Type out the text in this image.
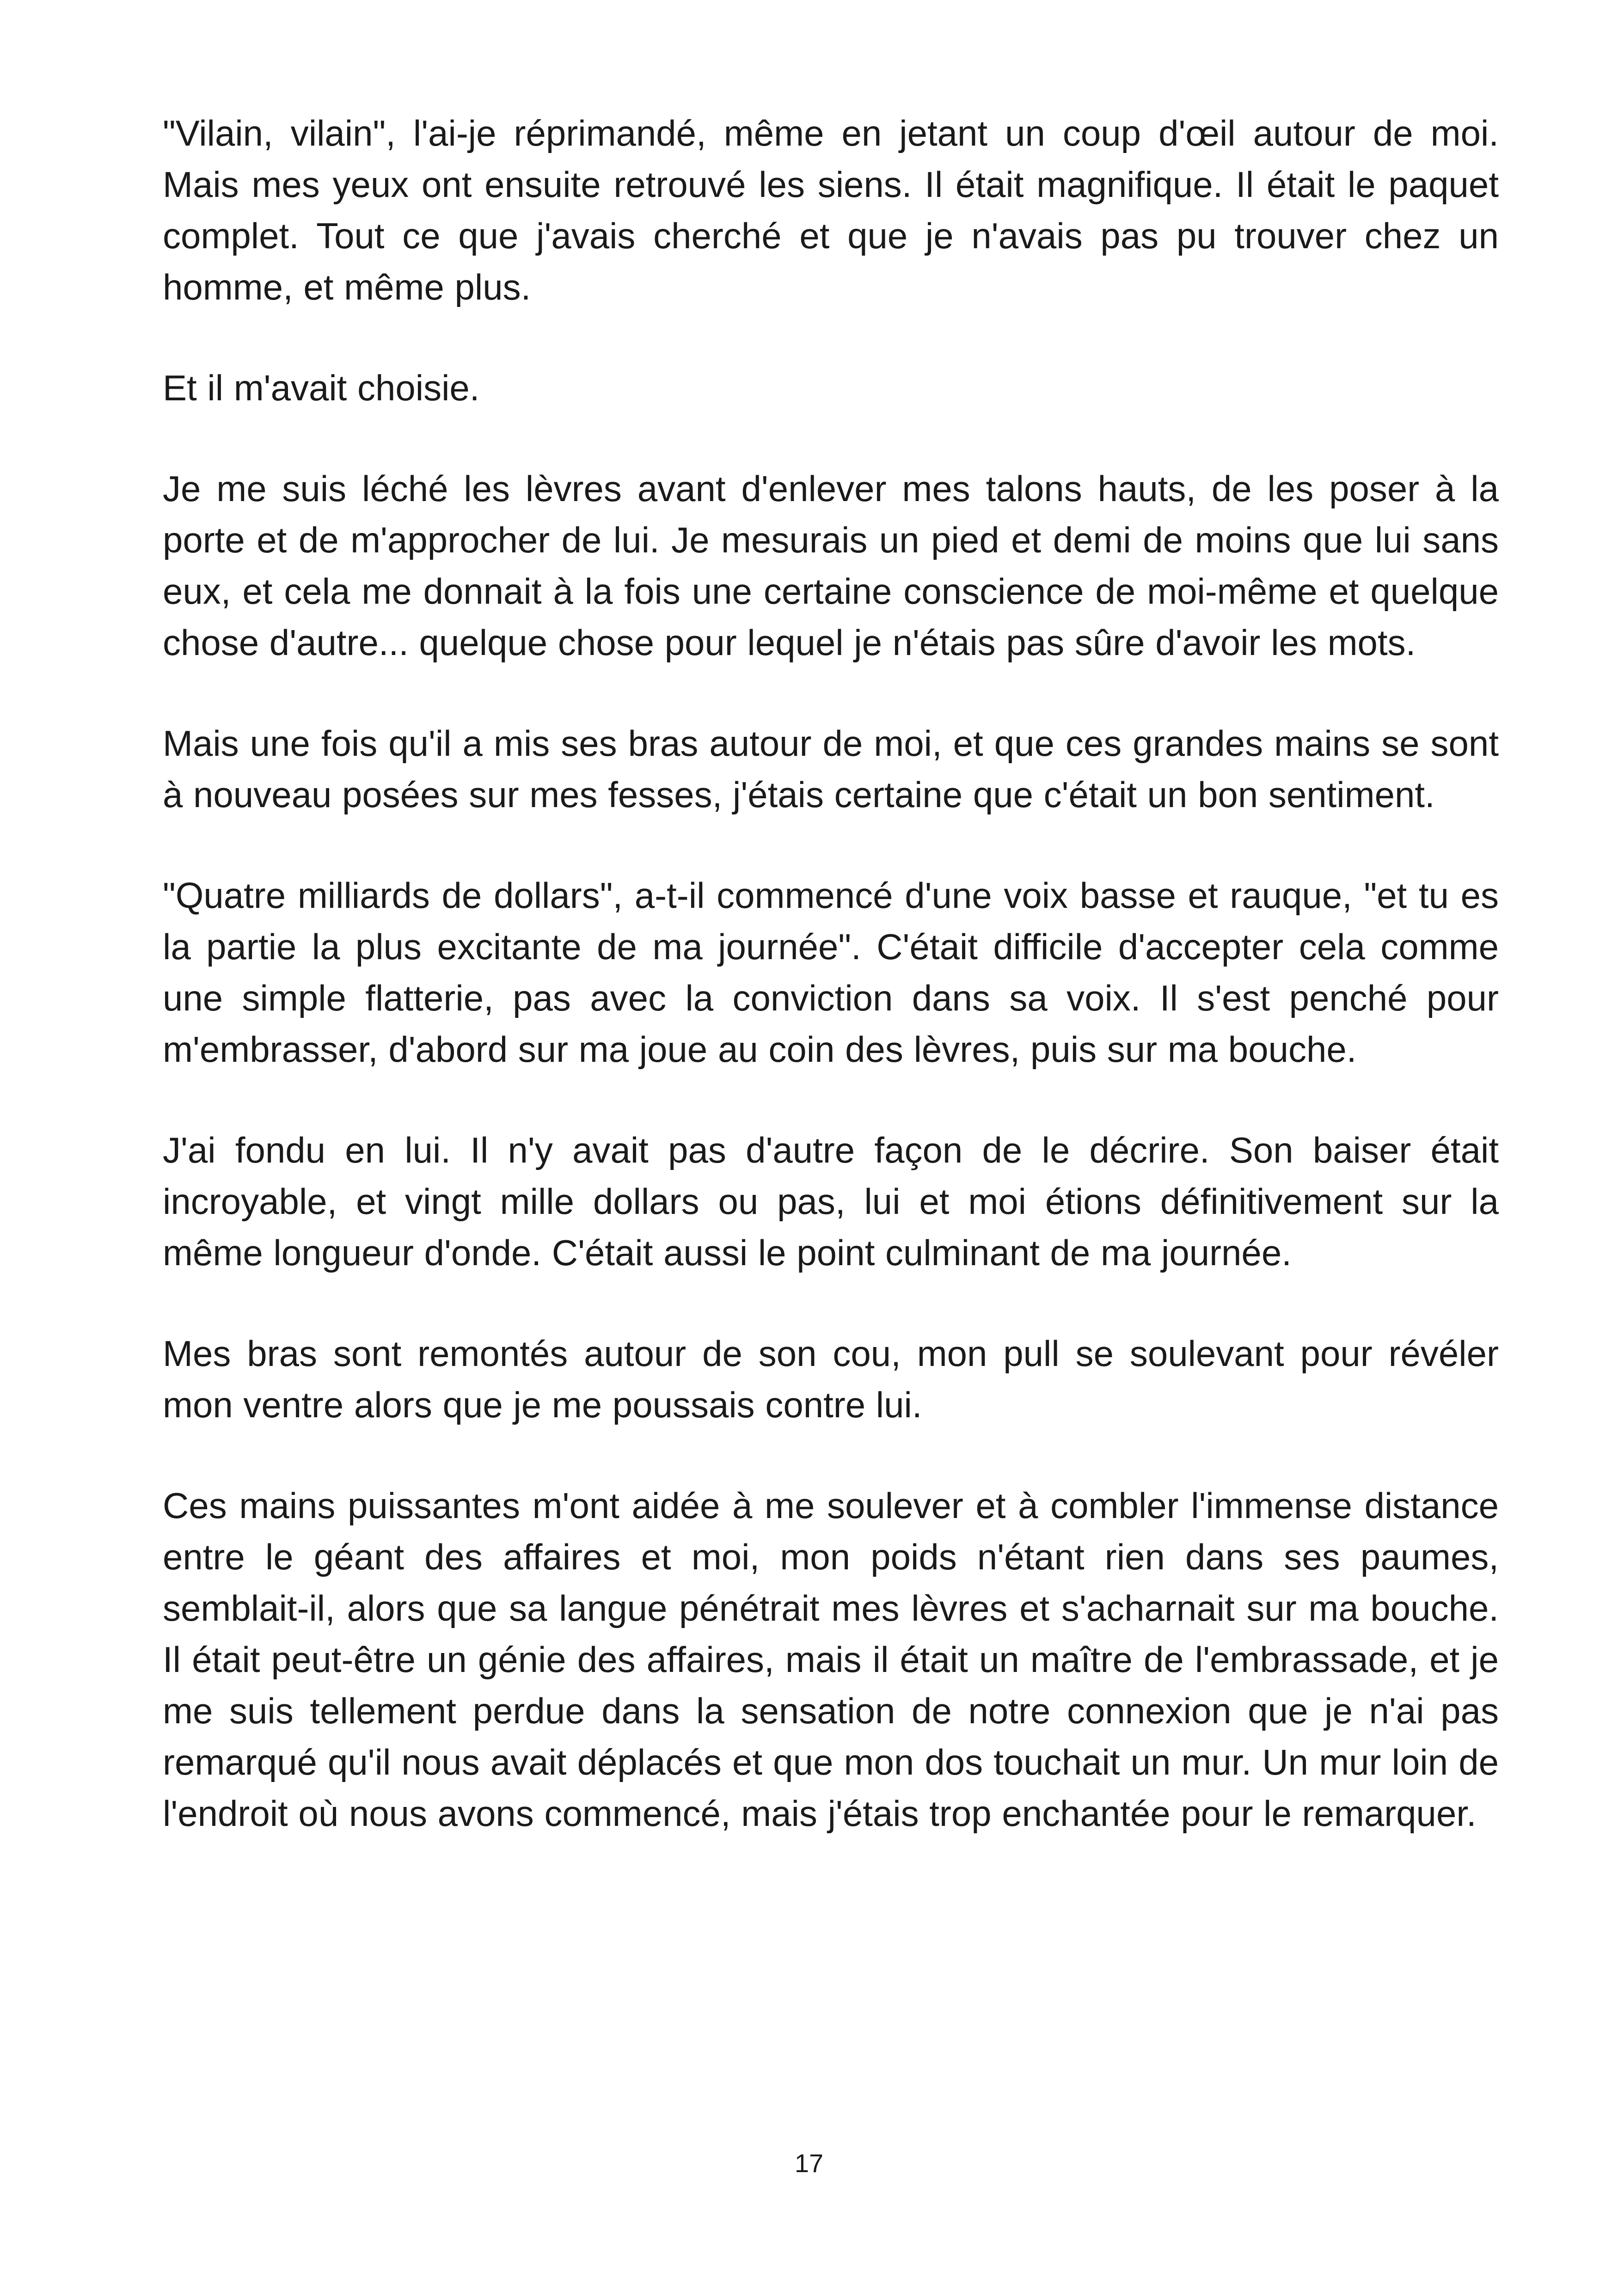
"Vilain, vilain", l'ai-je réprimandé, même en jetant un coup d'œil autour de moi. Mais mes yeux ont ensuite retrouvé les siens. Il était magnifique. Il était le paquet complet. Tout ce que j'avais cherché et que je n'avais pas pu trouver chez un homme, et même plus.

Et il m'avait choisie.

Je me suis léché les lèvres avant d'enlever mes talons hauts, de les poser à la porte et de m'approcher de lui. Je mesurais un pied et demi de moins que lui sans eux, et cela me donnait à la fois une certaine conscience de moi-même et quelque chose d'autre... quelque chose pour lequel je n'étais pas sûre d'avoir les mots.

Mais une fois qu'il a mis ses bras autour de moi, et que ces grandes mains se sont à nouveau posées sur mes fesses, j'étais certaine que c'était un bon sentiment.

"Quatre milliards de dollars", a-t-il commencé d'une voix basse et rauque, "et tu es la partie la plus excitante de ma journée". C'était difficile d'accepter cela comme une simple flatterie, pas avec la conviction dans sa voix. Il s'est penché pour m'embrasser, d'abord sur ma joue au coin des lèvres, puis sur ma bouche.

J'ai fondu en lui. Il n'y avait pas d'autre façon de le décrire. Son baiser était incroyable, et vingt mille dollars ou pas, lui et moi étions définitivement sur la même longueur d'onde. C'était aussi le point culminant de ma journée.

Mes bras sont remontés autour de son cou, mon pull se soulevant pour révéler mon ventre alors que je me poussais contre lui.

Ces mains puissantes m'ont aidée à me soulever et à combler l'immense distance entre le géant des affaires et moi, mon poids n'étant rien dans ses paumes, semblait-il, alors que sa langue pénétrait mes lèvres et s'acharnait sur ma bouche. Il était peut-être un génie des affaires, mais il était un maître de l'embrassade, et je me suis tellement perdue dans la sensation de notre connexion que je n'ai pas remarqué qu'il nous avait déplacés et que mon dos touchait un mur. Un mur loin de l'endroit où nous avons commencé, mais j'étais trop enchantée pour le remarquer.

17
